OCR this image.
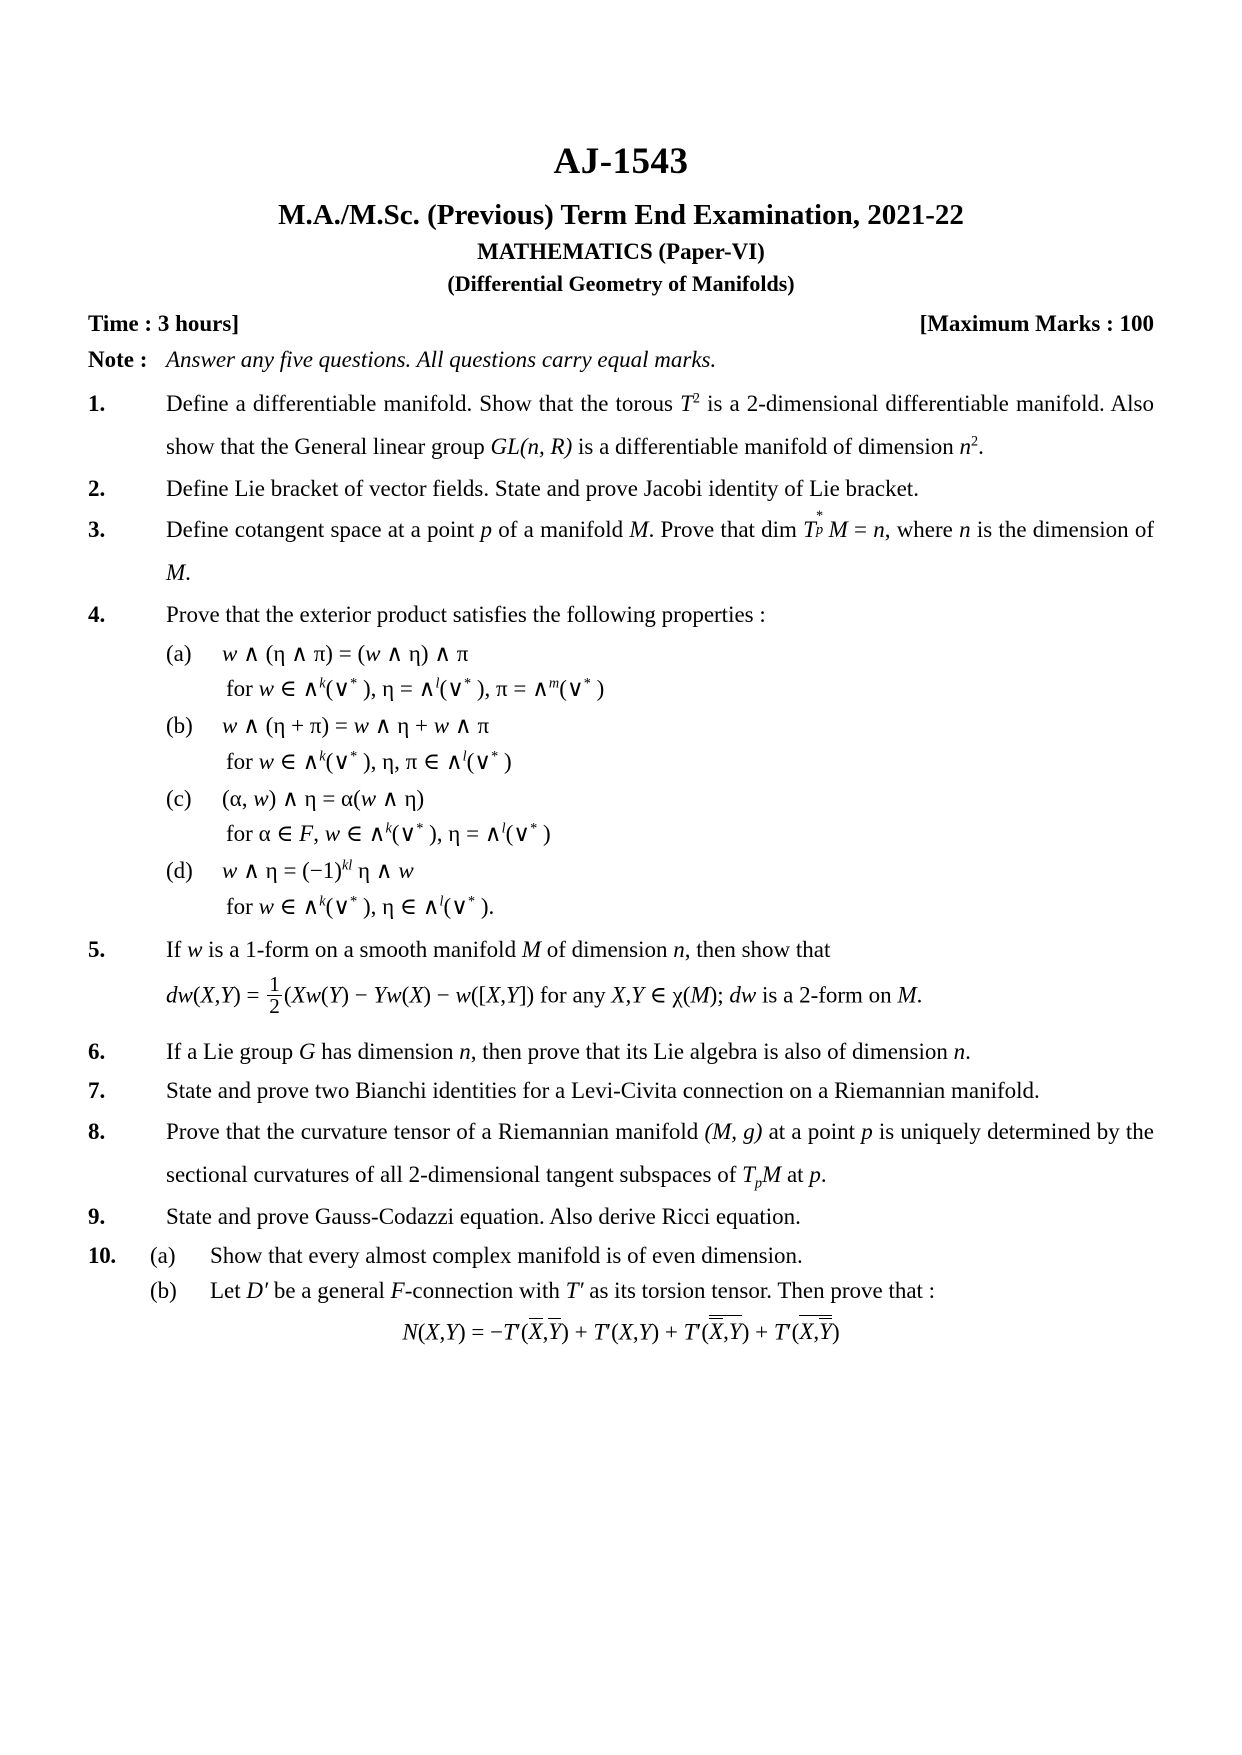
AJ-1543
M.A./M.Sc. (Previous) Term End Examination, 2021-22
MATHEMATICS (Paper-VI)
(Differential Geometry of Manifolds)
Time : 3 hours]	[Maximum Marks : 100
Note : Answer any five questions. All questions carry equal marks.
1.	Define a differentiable manifold. Show that the torous $T^2$ is a 2-dimensional differentiable manifold. Also show that the General linear group GL(n, R) is a differentiable manifold of dimension $n^2$.
2.	Define Lie bracket of vector fields. State and prove Jacobi identity of Lie bracket.
3.	Define cotangent space at a point p of a manifold M. Prove that dim T
*
p M = n, where n is the dimension of M.
4.	Prove that the exterior product satisfies the following properties :
(a)	w ∧ (η ∧ π) = (w ∧ η) ∧ π
for w ∈ ∧$^k$(∨* ), η = ∧$^l$(∨* ), π = ∧$^m$(∨* )
(b)	w ∧ (η + π) = w ∧ η + w ∧ π
for w ∈ ∧$^k$(∨* ), η, π ∈ ∧$^l$(∨* )
(c)	(α, w) ∧ η = α(w ∧ η)
for α ∈ F, w ∈ ∧$^k$(∨* ), η = ∧$^l$(∨* )
(d)	w ∧ $\eta = (-1)^{kl}$ η ∧ w
for w ∈ ∧$^k$(∨* ), η ∈ ∧$^l$(∨* ).
5.	If w is a 1-form on a smooth manifold M of dimension n, then show that
$dw(X,Y) = \frac{1}{2} (Xw(Y) - Yw(X) - w([X,Y])$ for any X,Y ∈ χ(M); dw is a 2-form on M.
6.	If a Lie group G has dimension n, then prove that its Lie algebra is also of dimension n.
7.	State and prove two Bianchi identities for a Levi-Civita connection on a Riemannian manifold.
8.	Prove that the curvature tensor of a Riemannian manifold (M, g) at a point p is uniquely determined by the sectional curvatures of all 2-dimensional tangent subspaces of $T_pM$ at p.
9.	State and prove Gauss-Codazzi equation. Also derive Ricci equation.
10.	(a)	Show that every almost complex manifold is of even dimension.
(b)	Let D′ be a general F-connection with T′ as its torsion tensor. Then prove that :
N(X,Y) = −T′(X,Y) + T′(X,Y) + T′(X,Y) + T′(X,Y)
